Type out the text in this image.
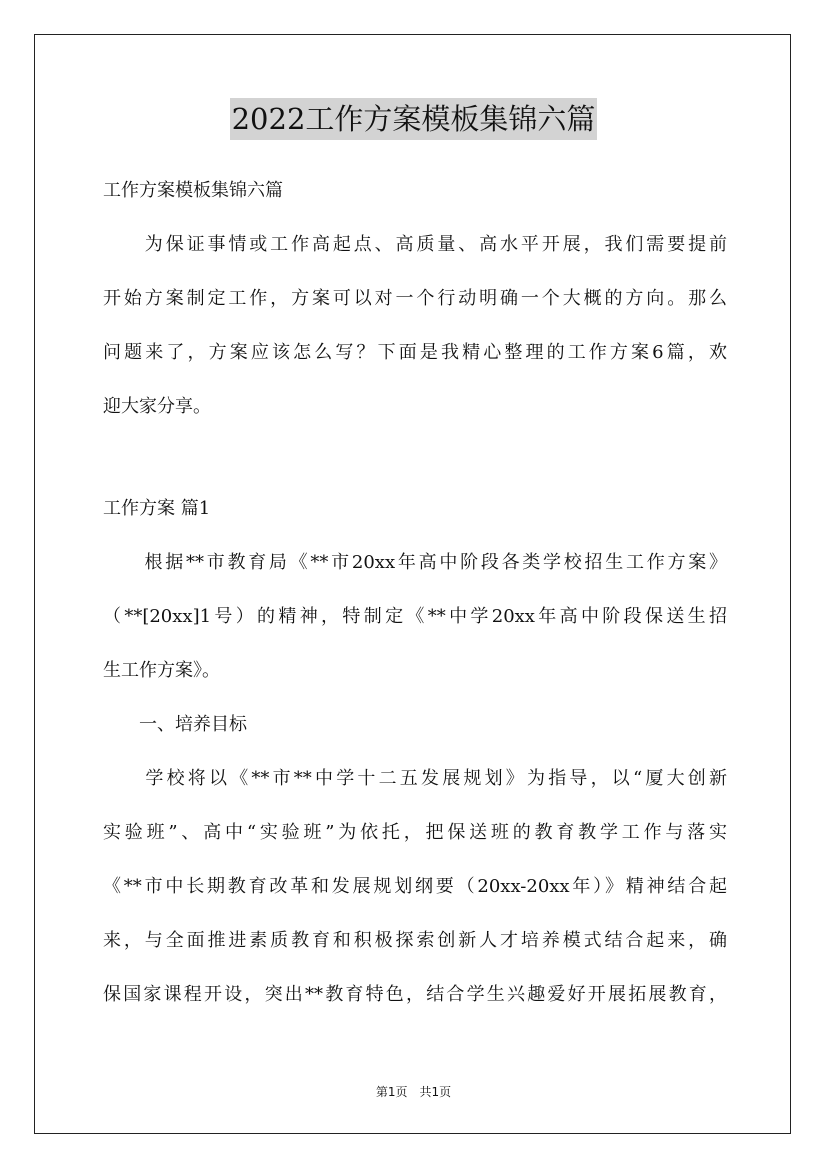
2022工作方案模板集锦六篇
工作方案模板集锦六篇
　　为保证事情或工作高起点、高质量、高水平开展，我们需要提前
开始方案制定工作，方案可以对一个行动明确一个大概的方向。那么
问题来了，方案应该怎么写？下面是我精心整理的工作方案6篇，欢
迎大家分享。
工作方案 篇1
　　根据**市教育局《**市20xx年高中阶段各类学校招生工作方案》
（**[20xx]1号）的精神，特制定《**中学20xx年高中阶段保送生招
生工作方案》。
　　一、培养目标
　　学校将以《**市**中学十二五发展规划》为指导，以“厦大创新
实验班”、高中“实验班”为依托，把保送班的教育教学工作与落实
《**市中长期教育改革和发展规划纲要（20xx-20xx年）》精神结合起
来，与全面推进素质教育和积极探索创新人才培养模式结合起来，确
保国家课程开设，突出**教育特色，结合学生兴趣爱好开展拓展教育，
第1页　共1页
